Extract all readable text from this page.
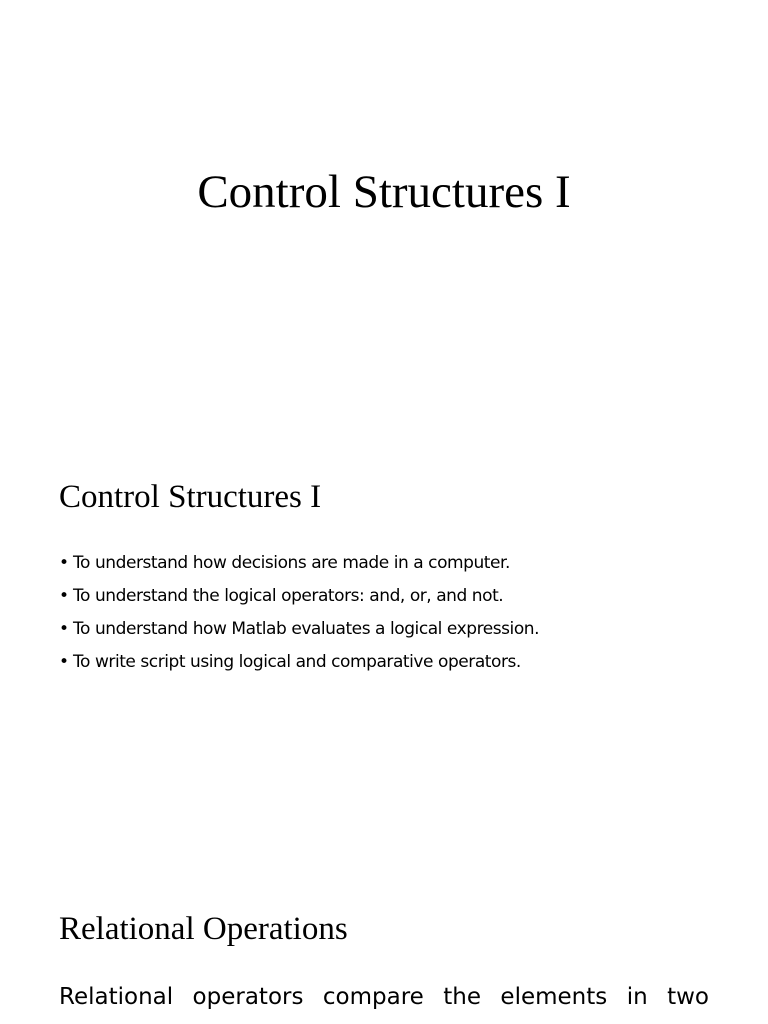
Control Structures I
Control Structures I
• To understand how decisions are made in a computer.
• To understand the logical operators: and, or, and not.
• To understand how Matlab evaluates a logical expression.
• To write script using logical and comparative operators.
Relational Operations
Relational operators compare the elements in two
